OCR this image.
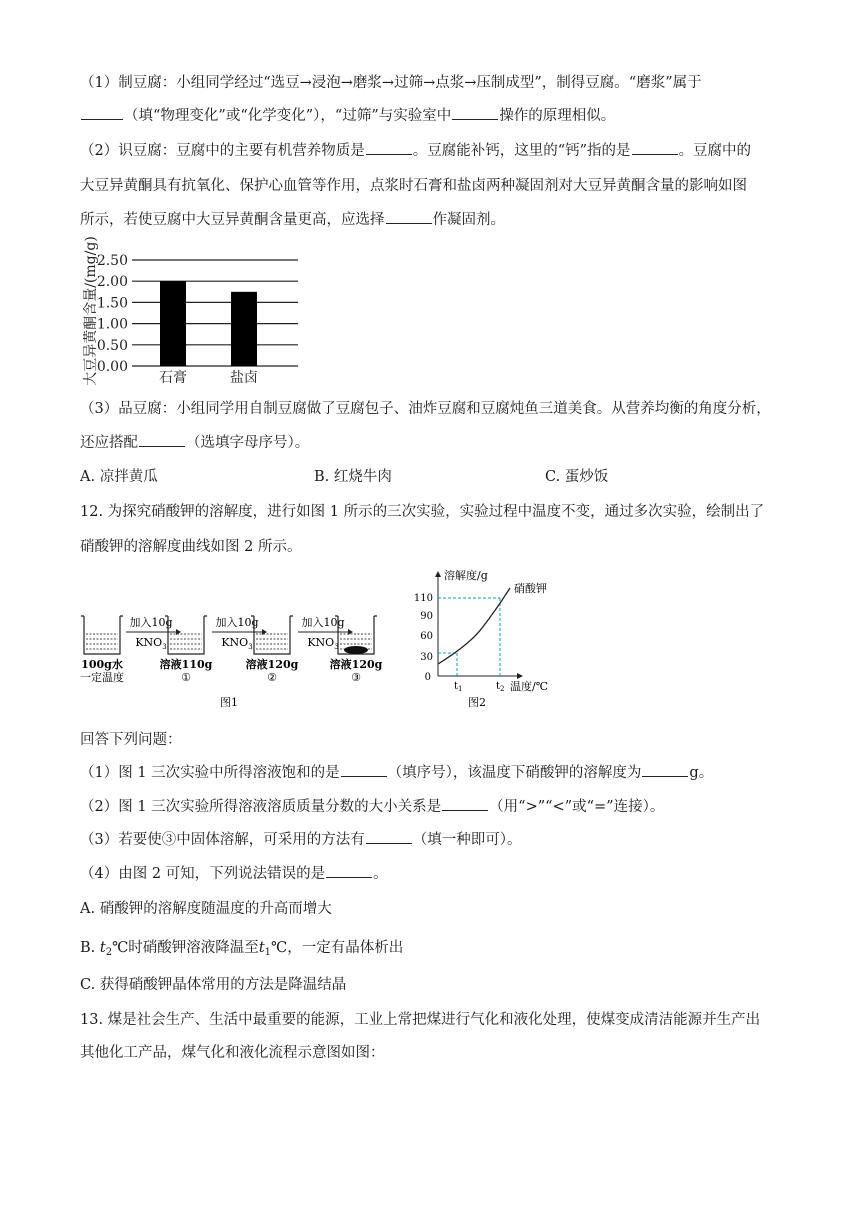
（1）制豆腐：小组同学经过“选豆→浸泡→磨浆→过筛→点浆→压制成型”，制得豆腐。“磨浆”属于
（填“物理变化”或“化学变化”），“过筛”与实验室中	操作的原理相似。
（2）识豆腐：豆腐中的主要有机营养物质是	。豆腐能补钙，这里的“钙”指的是	。豆腐中的
大豆异黄酮具有抗氧化、保护心血管等作用，点浆时石膏和盐卤两种凝固剂对大豆异黄酮含量的影响如图
所示，若使豆腐中大豆异黄酮含量更高，应选择	作凝固剂。
大豆异黄酮含量/(mg/g)
0.00
0.50
1.00
1.50
2.00
2.50
石膏	盐卤
（3）品豆腐：小组同学用自制豆腐做了豆腐包子、油炸豆腐和豆腐炖鱼三道美食。从营养均衡的角度分析，
还应搭配	（选填字母序号）。
A. 凉拌黄瓜	B. 红烧牛肉	C. 蛋炒饭
12. 为探究硝酸钾的溶解度，进行如图 1 所示的三次实验，实验过程中温度不变，通过多次实验，绘制出了
硝酸钾的溶解度曲线如图 2 所示。
100g水
一定温度
加入10g
$KNO_3$
加入10g
$KNO_3$
加入10g
$KNO_3$
溶液110g
①
溶液120g
②
溶液120g
③
图1
溶解度/g
温度/℃
硝酸钾
110
90
60
30
0
$t_1$	$t_2$
图2
回答下列问题：
（1）图 1 三次实验中所得溶液饱和的是	（填序号），该温度下硝酸钾的溶解度为	g。
（2）图 1 三次实验所得溶液溶质质量分数的大小关系是	（用“>”“<”或“=”连接）。
（3）若要使③中固体溶解，可采用的方法有	（填一种即可）。
（4）由图 2 可知，下列说法错误的是	。
A. 硝酸钾的溶解度随温度的升高而增大
B. $t_2℃$时硝酸钾溶液降温至$t_1℃$，一定有晶体析出
C. 获得硝酸钾晶体常用的方法是降温结晶
13. 煤是社会生产、生活中最重要的能源，工业上常把煤进行气化和液化处理，使煤变成清洁能源并生产出
其他化工产品，煤气化和液化流程示意图如图：
